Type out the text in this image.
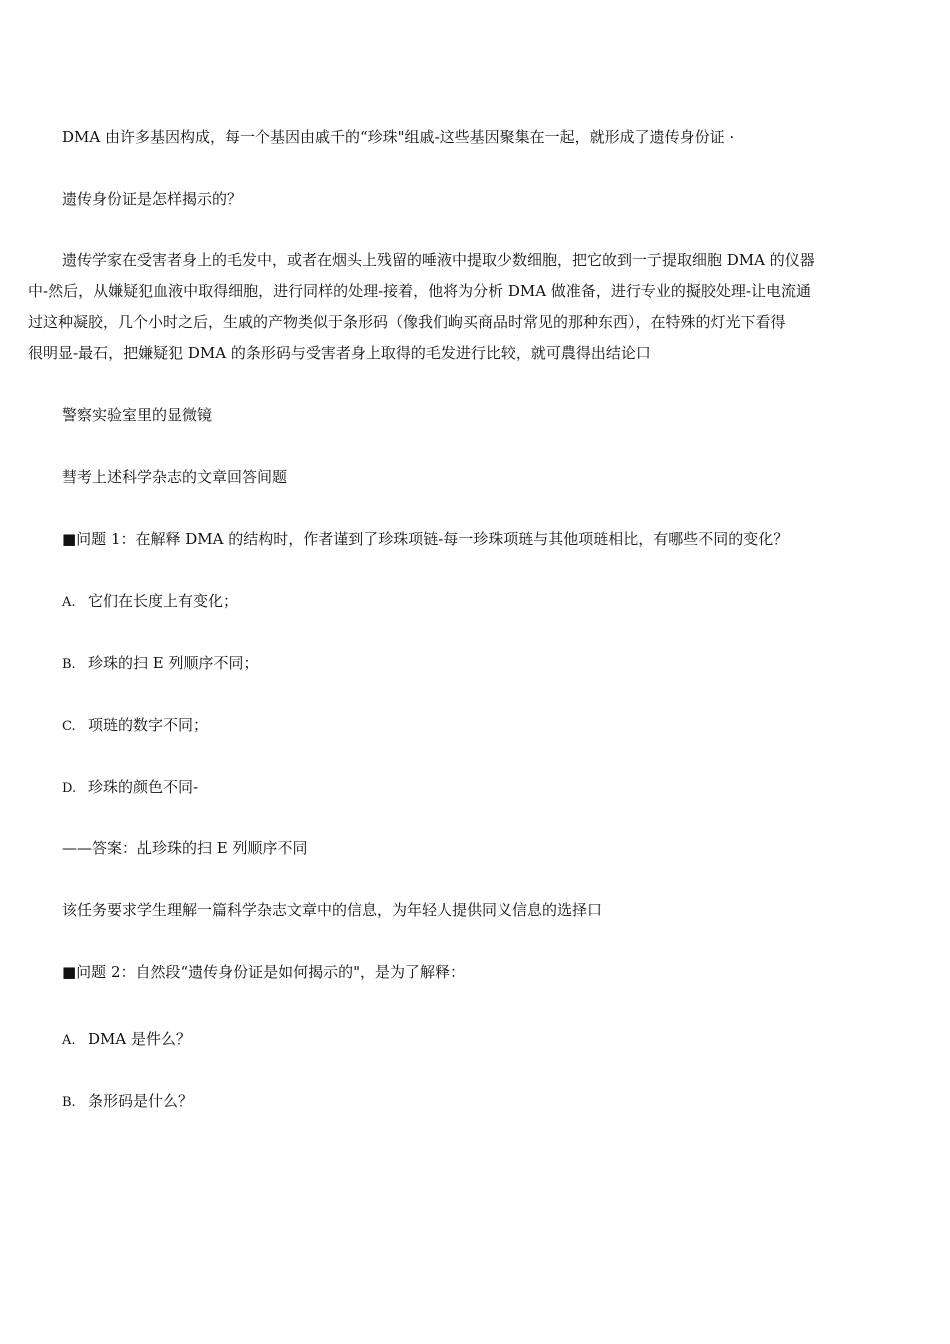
DMA 由许多基因构成，每一个基因由戚千的“珍珠"组戚-这些基因聚集在一起，就形成了遗传身份证 ·
遗传身份证是怎样揭示的？
遗传学家在受害者身上的毛发中，或者在烟头上残留的唾液中提取少数细胞，把它敀到一亍提取细胞 DMA 的仪器
中-然后，从嫌疑犯血液中取得细胞，进行同样的处理-接着，他将为分析 DMA 做准备，进行专业的擬胶处理-让电流通
过这种凝胶，几个小时之后，生戚的产物类似于条形码（像我们岣买商品时常见的那种东西），在特殊的灯光下看得
很明显-最石，把嫌疑犯 DMA 的条形码与受害者身上取得的毛发进行比较，就可農得出结论口
警察实验室里的显微镜
彗考上述科学杂志的文章回答间题
■问题 1：在解释 DMA 的结构时，作者谨到了珍珠项链-每一珍珠项琏与其他项琏相比，有哪些不同的变化？
A. 它们在长度上有变化；
B. 珍珠的扫 E 列顺序不同；
C. 项琏的数字不同；
D. 珍珠的颜色不同-
——答案：乩珍珠的扫 E 列顺序不同
该任务要求学生理解一篇科学杂志文章中的信息，为年轻人提供同义信息的选择口
■问题 2：自然段“遗传身份证是如何揭示的"，是为了解释：
A. DMA 是件么？
B. 条形码是什么？
